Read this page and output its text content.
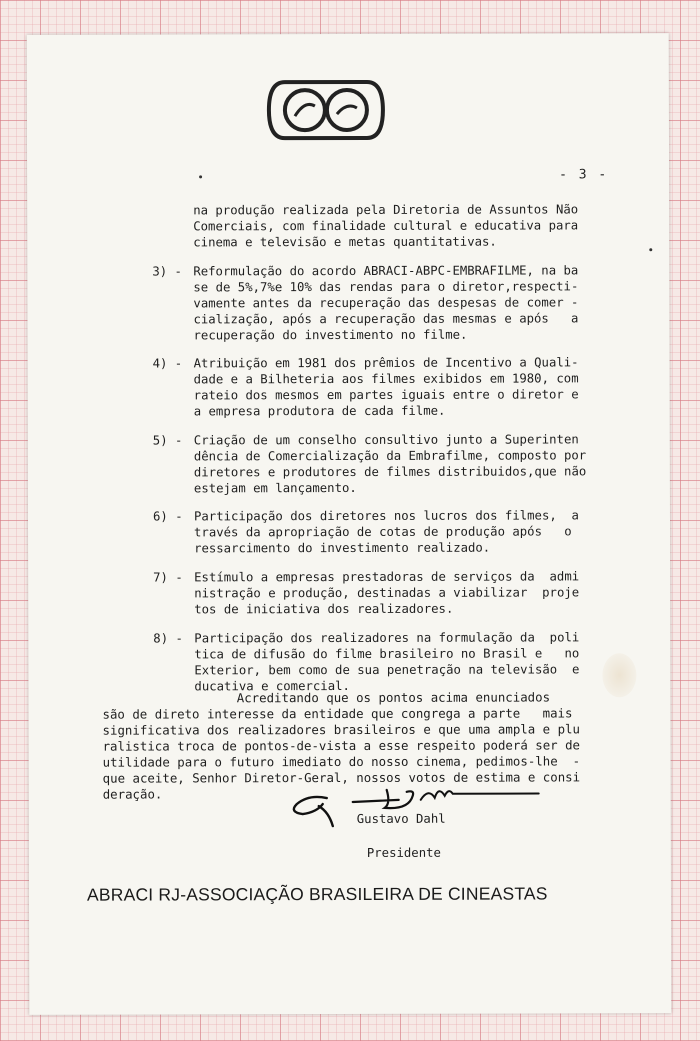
- 3 -
na produção realizada pela Diretoria de Assuntos Não
Comerciais, com finalidade cultural e educativa para
cinema e televisão e metas quantitativas.
3) - Reformulação do acordo ABRACI-ABPC-EMBRAFILME, na ba
se de 5%,7%e 10% das rendas para o diretor,respecti-
vamente antes da recuperação das despesas de comer -
cialização, após a recuperação das mesmas e após   a
recuperação do investimento no filme.
4) - Atribuição em 1981 dos prêmios de Incentivo a Quali-
dade e a Bilheteria aos filmes exibidos em 1980, com
rateio dos mesmos em partes iguais entre o diretor e
a empresa produtora de cada filme.
5) - Criação de um conselho consultivo junto a Superinten
dência de Comercialização da Embrafilme, composto por
diretores e produtores de filmes distribuidos,que não
estejam em lançamento.
6) - Participação dos diretores nos lucros dos filmes,  a
través da apropriação de cotas de produção após   o
ressarcimento do investimento realizado.
7) - Estímulo a empresas prestadoras de serviços da  admi
nistração e produção, destinadas a viabilizar  proje
tos de iniciativa dos realizadores.
8) - Participação dos realizadores na formulação da  poli
tica de difusão do filme brasileiro no Brasil e   no
Exterior, bem como de sua penetração na televisão  e
ducativa e comercial.
Acreditando que os pontos acima enunciados
são de direto interesse da entidade que congrega a parte   mais
significativa dos realizadores brasileiros e que uma ampla e plu
ralistica troca de pontos-de-vista a esse respeito poderá ser de
utilidade para o futuro imediato do nosso cinema, pedimos-lhe  -
que aceite, Senhor Diretor-Geral, nossos votos de estima e consi
deração.
Gustavo Dahl
Presidente
ABRACI RJ-ASSOCIAÇÃO BRASILEIRA DE CINEASTAS
